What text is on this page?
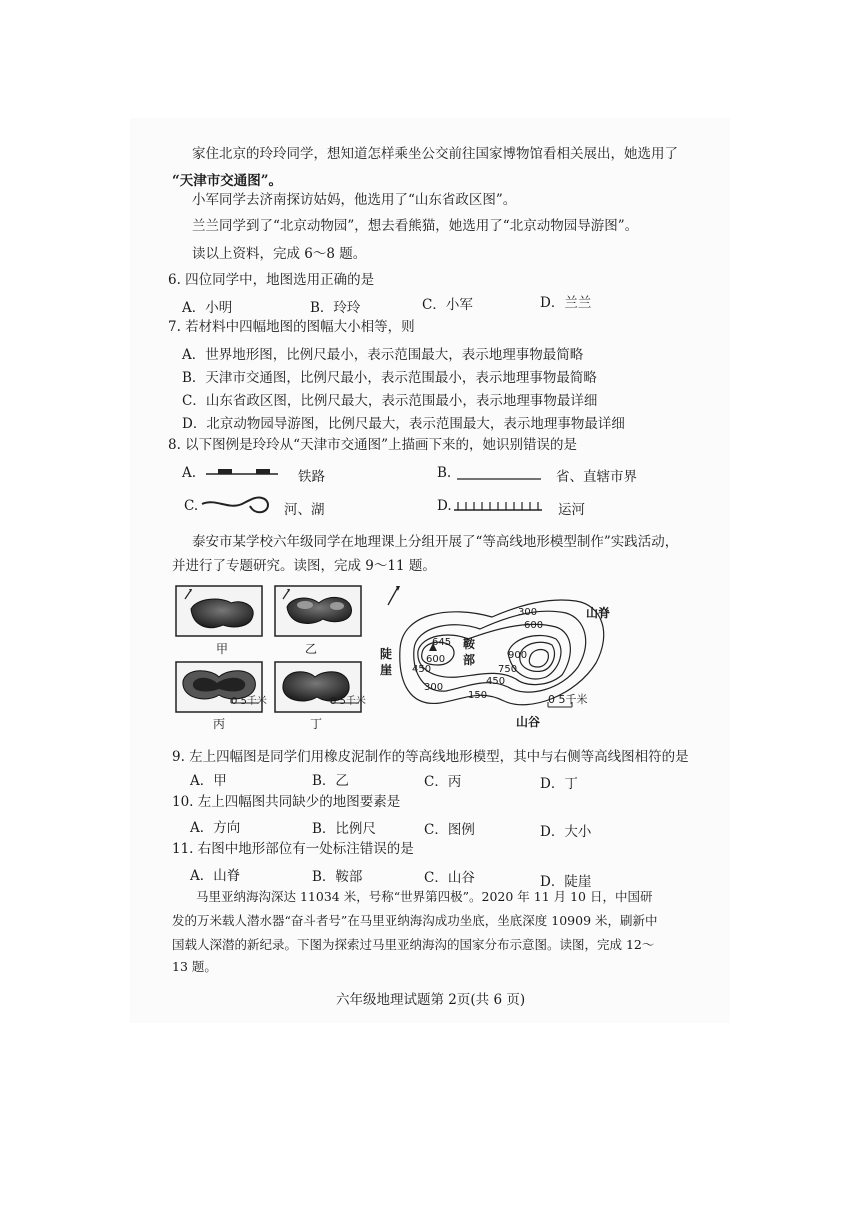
家住北京的玲玲同学，想知道怎样乘坐公交前往国家博物馆看相关展出，她选用了
“天津市交通图”。
小军同学去济南探访姑妈，他选用了“山东省政区图”。
兰兰同学到了“北京动物园”，想去看熊猫，她选用了“北京动物园导游图”。
读以上资料，完成 6～8 题。
6. 四位同学中，地图选用正确的是
A．小明	B．玲玲	C．小军	D．兰兰
7. 若材料中四幅地图的图幅大小相等，则
A．世界地形图，比例尺最小，表示范围最大，表示地理事物最简略
B．天津市交通图，比例尺最小，表示范围最小，表示地理事物最简略
C．山东省政区图，比例尺最大，表示范围最小，表示地理事物最详细
D．北京动物园导游图，比例尺最大，表示范围最大，表示地理事物最详细
8. 以下图例是玲玲从“天津市交通图”上描画下来的，她识别错误的是
A.	铁路	B.	省、直辖市界
C.	河、湖	D.	运河
泰安市某学校六年级同学在地理课上分组开展了“等高线地形模型制作”实践活动，
并进行了专题研究。读图，完成 9～11 题。
甲	乙
丙	丁
0 5千米	0 5千米
山脊
鞍部
陡崖
山谷
645
0 5千米
300
450
600
300
600
750
900
450
150
9. 左上四幅图是同学们用橡皮泥制作的等高线地形模型，其中与右侧等高线图相符的是
A．甲	B．乙	C．丙	D．丁
10. 左上四幅图共同缺少的地图要素是
A．方向	B．比例尺	C．图例	D．大小
11. 右图中地形部位有一处标注错误的是
A．山脊	B．鞍部	C．山谷	D．陡崖
马里亚纳海沟深达 11034 米，号称“世界第四极”。2020 年 11 月 10 日，中国研
发的万米载人潜水器“奋斗者号”在马里亚纳海沟成功坐底，坐底深度 10909 米，刷新中
国载人深潜的新纪录。下图为探索过马里亚纳海沟的国家分布示意图。读图，完成 12～
13 题。
六年级地理试题第 2页(共 6 页)
